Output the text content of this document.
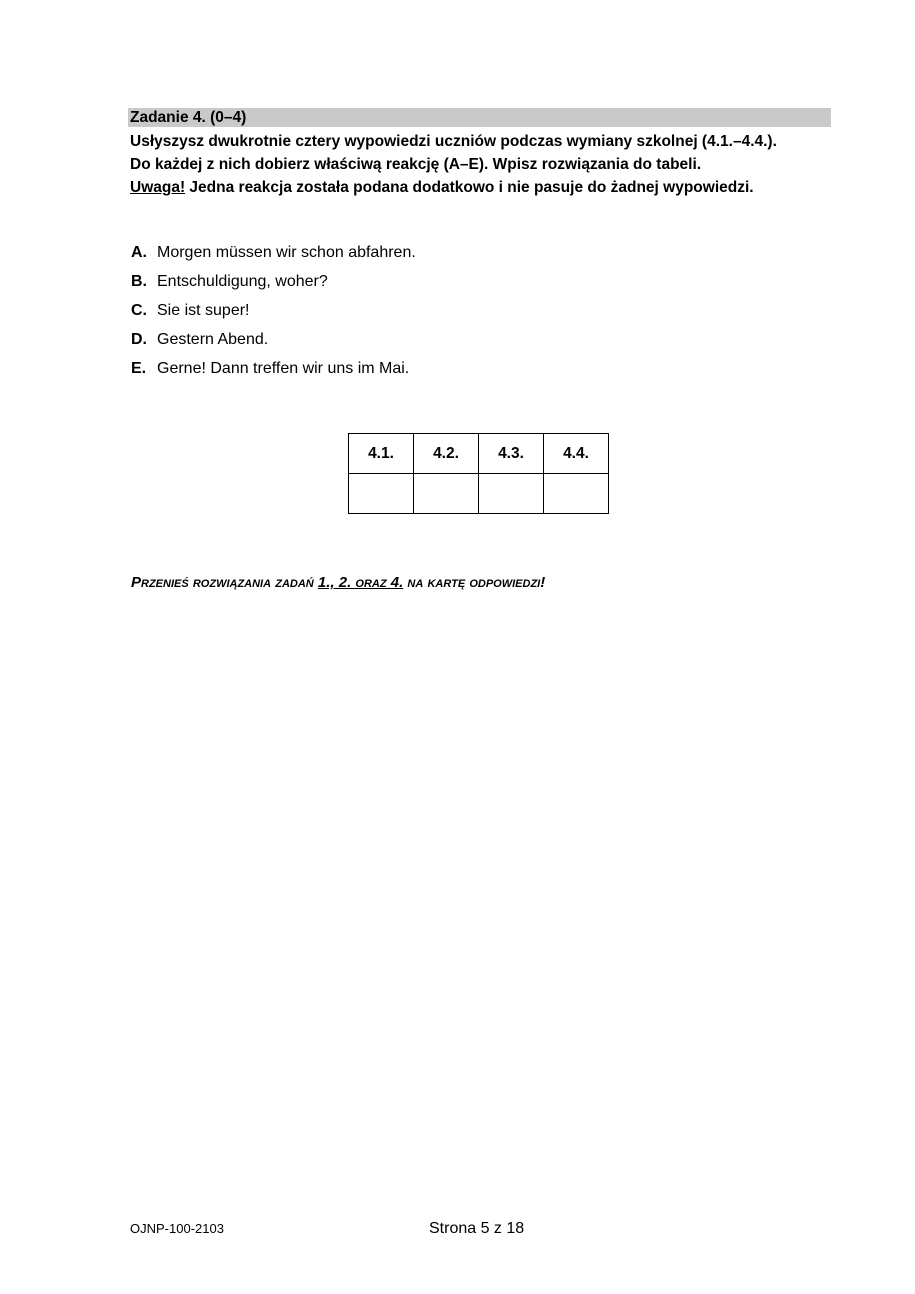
Zadanie 4. (0–4)
Usłyszysz dwukrotnie cztery wypowiedzi uczniów podczas wymiany szkolnej (4.1.–4.4.).
Do każdej z nich dobierz właściwą reakcję (A–E). Wpisz rozwiązania do tabeli.
Uwaga! Jedna reakcja została podana dodatkowo i nie pasuje do żadnej wypowiedzi.
A. Morgen müssen wir schon abfahren.
B. Entschuldigung, woher?
C. Sie ist super!
D. Gestern Abend.
E. Gerne! Dann treffen wir uns im Mai.
4.1.	4.2.	4.3.	4.4.

Przenieś rozwiązania zadań 1., 2. oraz 4. na kartę odpowiedzi!
OJNP-100-2103	Strona 5 z 18
